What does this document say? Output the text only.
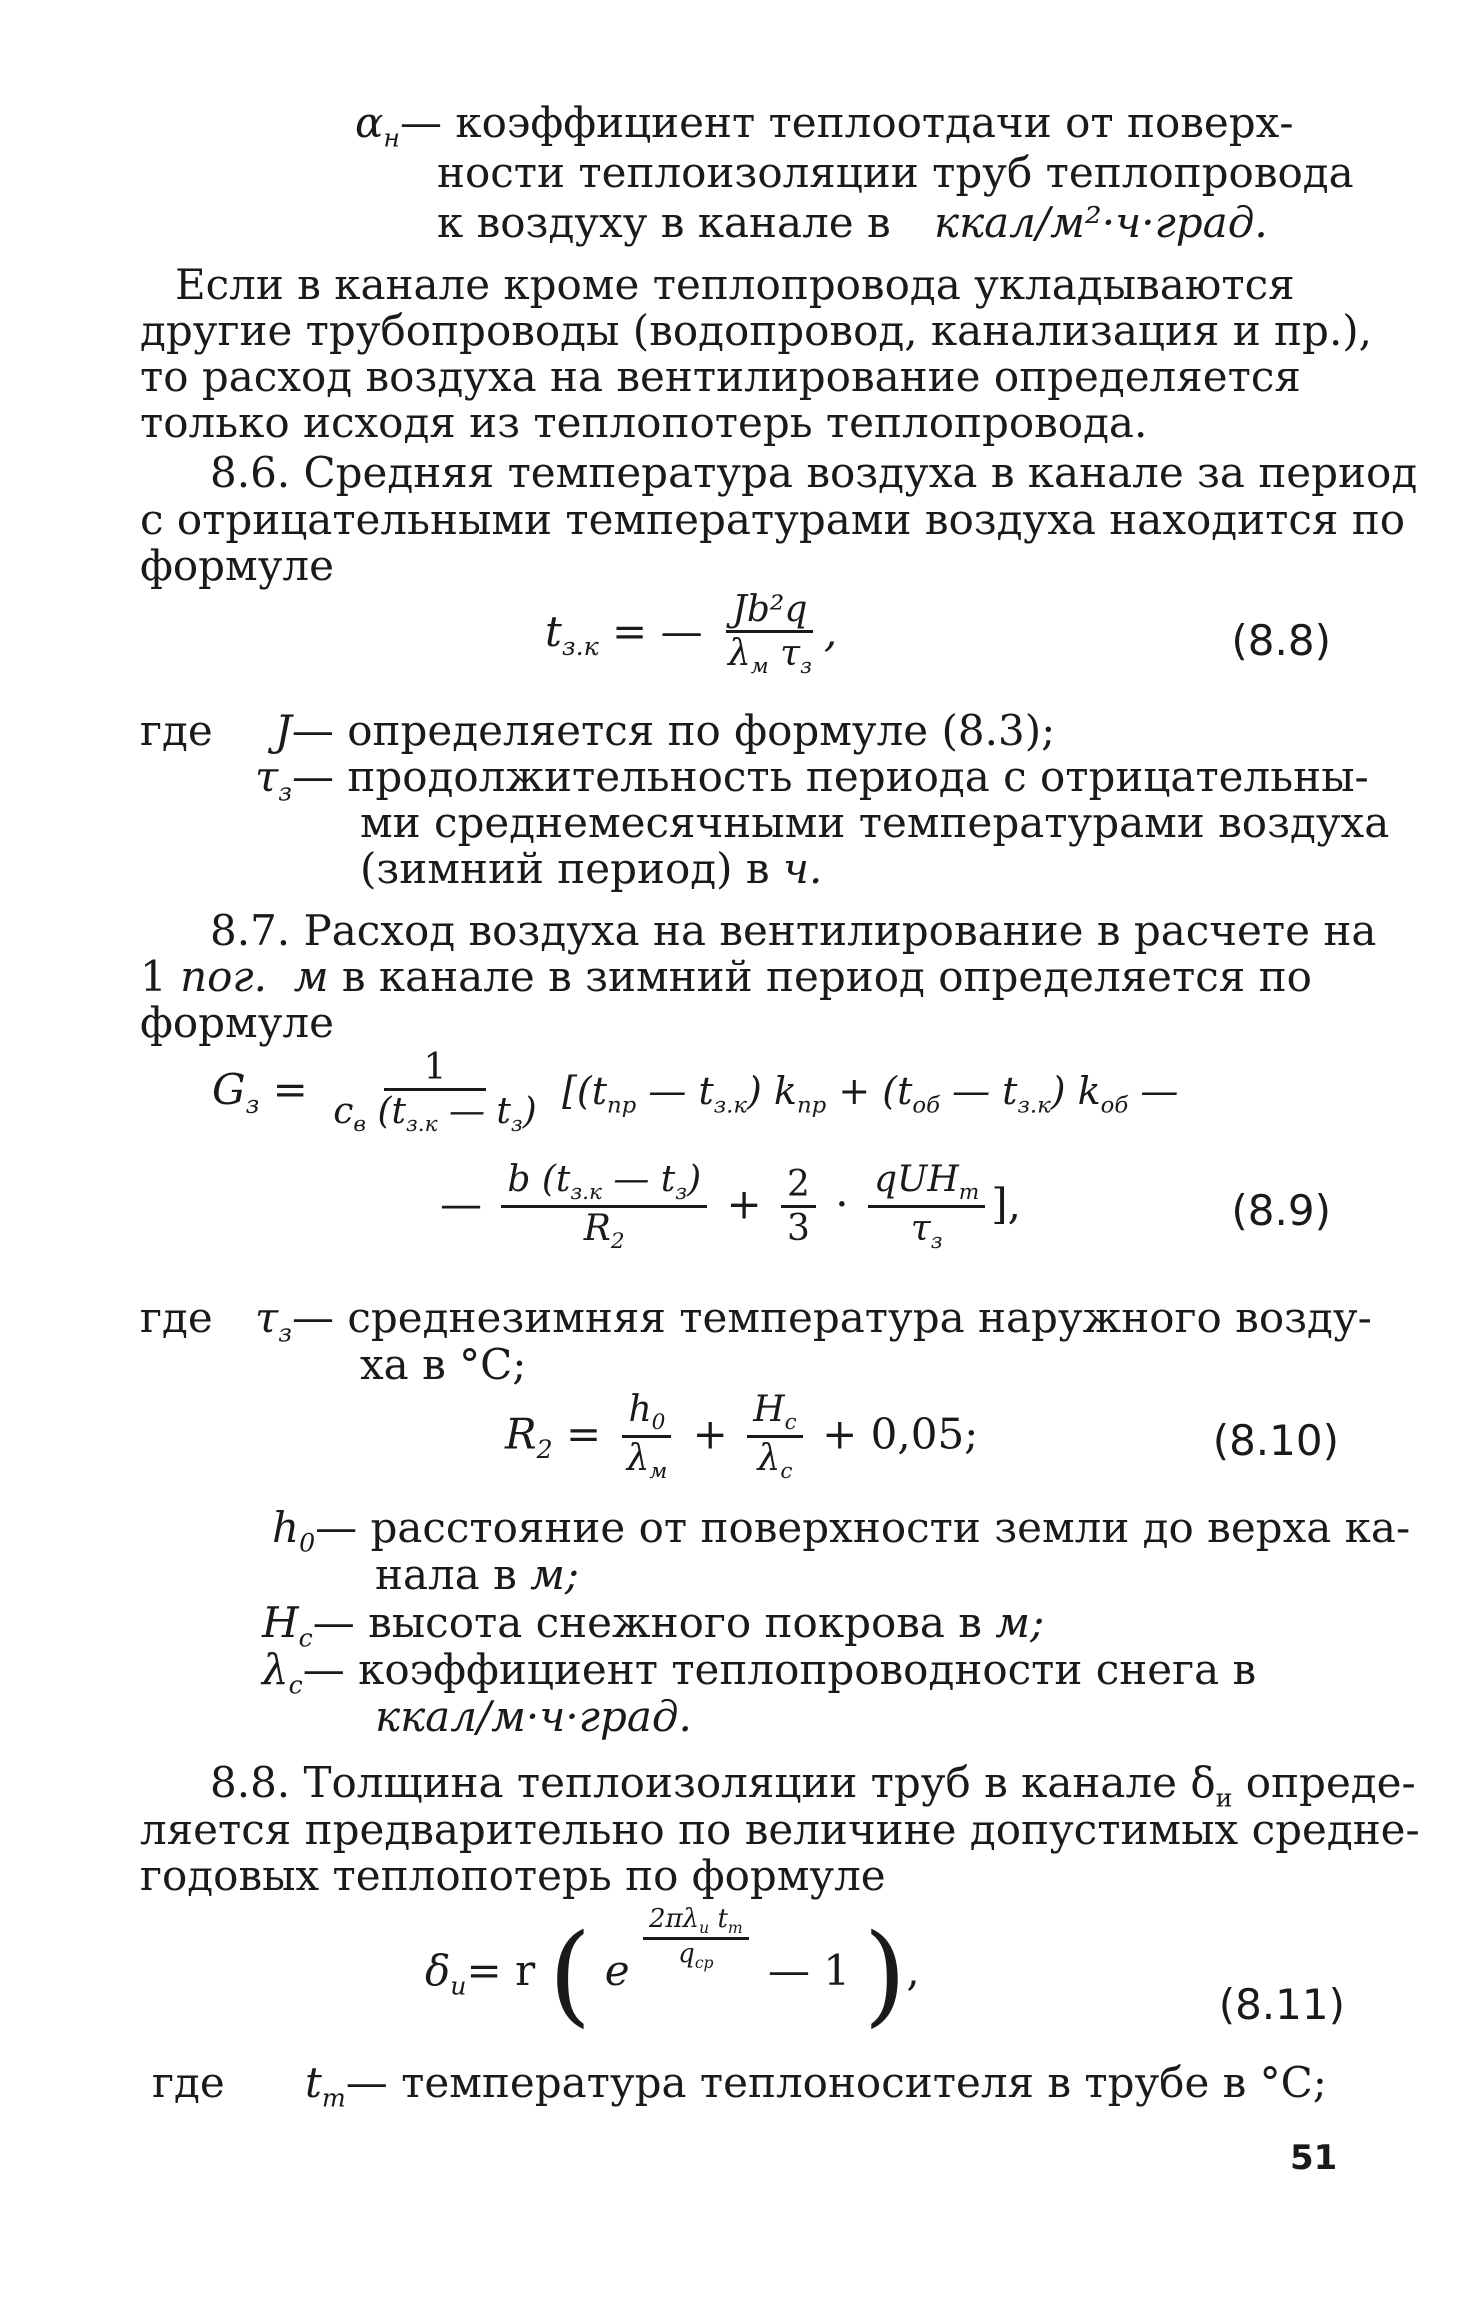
$\alpha_н—$ коэффициент теплоотдачи от поверх-
ности теплоизоляции труб теплопровода
к воздуху в канале в ккал/м²·ч·град.
Если в канале кроме теплопровода укладываются
другие трубопроводы (водопровод, канализация и пр.),
то расход воздуха на вентилирование определяется
только исходя из теплопотерь теплопровода.
8.6. Средняя температура воздуха в канале за период
с отрицательными температурами воздуха находится по
формуле
$t_{з.к}$ = — $\frac{\text{Jb²q}}{\lambda_м \tau_з}$ ,	(8.8)
где J— определяется по формуле (8.3);
$\tau_з—$ продолжительность периода с отрицательны-
ми среднемесячными температурами воздуха
(зимний период) в ч.
8.7. Расход воздуха на вентилирование в расчете на
1 пог. м в канале в зимний период определяется по
формуле
$G_з = \frac{1}{c_в (t_{з.к} — t_з)} [(t_{пр}$ — $t_{з.к}$) $k_{пр} + (t_{об}$ — $t_{з.к}$) $k_{об}$ —
— $\frac{b (t_{з.к} — t_з)}{R_2} + \frac{2}{3} \cdot \frac{qUH_т}{\tau_з}$ ],	(8.9)
где $\tau_з—$ среднезимняя температура наружного возду-
ха в °С;
$R_2 = \frac{h_0}{\lambda_м} + \frac{H_c}{\lambda_c} + 0,05$;	(8.10)
$h_0—$ расстояние от поверхности земли до верха ка-
нала в м;
$H_с—$ высота снежного покрова в м;
$\lambda_с—$ коэффициент теплопроводности снега в
ккал/м·ч·град.
8.8. Толщина теплоизоляции труб в канале $\delta_и$ опреде-
ляется предварительно по величине допустимых средне-
годовых теплопотерь по формуле
$\delta_и= r$ ( e $\frac{2\pi\lambda_и t_т}{q_{ср}}$ — 1 ),
(8.11)
где $t_т—$ температура теплоносителя в трубе в °С;
51
